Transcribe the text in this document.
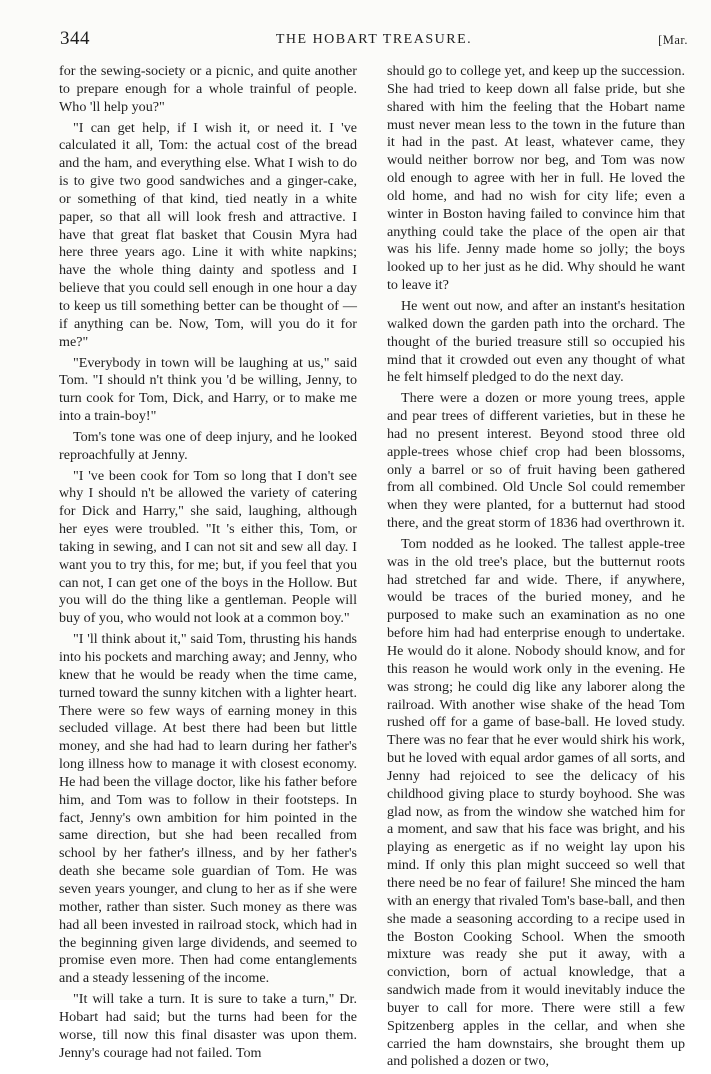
344	THE HOBART TREASURE.	[Mar.

for the sewing-society or a picnic, and quite another to prepare enough for a whole trainful of people. Who 'll help you?"

"I can get help, if I wish it, or need it. I 've calculated it all, Tom: the actual cost of the bread and the ham, and everything else. What I wish to do is to give two good sandwiches and a ginger-cake, or something of that kind, tied neatly in a white paper, so that all will look fresh and attractive. I have that great flat basket that Cousin Myra had here three years ago. Line it with white napkins; have the whole thing dainty and spotless and I believe that you could sell enough in one hour a day to keep us till something better can be thought of — if anything can be. Now, Tom, will you do it for me?"

"Everybody in town will be laughing at us," said Tom. "I should n't think you 'd be willing, Jenny, to turn cook for Tom, Dick, and Harry, or to make me into a train-boy!"

Tom's tone was one of deep injury, and he looked reproachfully at Jenny.

"I 've been cook for Tom so long that I don't see why I should n't be allowed the variety of catering for Dick and Harry," she said, laughing, although her eyes were troubled. "It 's either this, Tom, or taking in sewing, and I can not sit and sew all day. I want you to try this, for me; but, if you feel that you can not, I can get one of the boys in the Hollow. But you will do the thing like a gentleman. People will buy of you, who would not look at a common boy."

"I 'll think about it," said Tom, thrusting his hands into his pockets and marching away; and Jenny, who knew that he would be ready when the time came, turned toward the sunny kitchen with a lighter heart. There were so few ways of earning money in this secluded village. At best there had been but little money, and she had had to learn during her father's long illness how to manage it with closest economy. He had been the village doctor, like his father before him, and Tom was to follow in their footsteps. In fact, Jenny's own ambition for him pointed in the same direction, but she had been recalled from school by her father's illness, and by her father's death she became sole guardian of Tom. He was seven years younger, and clung to her as if she were mother, rather than sister. Such money as there was had all been invested in railroad stock, which had in the beginning given large dividends, and seemed to promise even more. Then had come entanglements and a steady lessening of the income.

"It will take a turn. It is sure to take a turn," Dr. Hobart had said; but the turns had been for the worse, till now this final disaster was upon them. Jenny's courage had not failed. Tom

should go to college yet, and keep up the succession. She had tried to keep down all false pride, but she shared with him the feeling that the Hobart name must never mean less to the town in the future than it had in the past. At least, whatever came, they would neither borrow nor beg, and Tom was now old enough to agree with her in full. He loved the old home, and had no wish for city life; even a winter in Boston having failed to convince him that anything could take the place of the open air that was his life. Jenny made home so jolly; the boys looked up to her just as he did. Why should he want to leave it?

He went out now, and after an instant's hesitation walked down the garden path into the orchard. The thought of the buried treasure still so occupied his mind that it crowded out even any thought of what he felt himself pledged to do the next day.

There were a dozen or more young trees, apple and pear trees of different varieties, but in these he had no present interest. Beyond stood three old apple-trees whose chief crop had been blossoms, only a barrel or so of fruit having been gathered from all combined. Old Uncle Sol could remember when they were planted, for a butternut had stood there, and the great storm of 1836 had overthrown it.

Tom nodded as he looked. The tallest apple-tree was in the old tree's place, but the butternut roots had stretched far and wide. There, if anywhere, would be traces of the buried money, and he purposed to make such an examination as no one before him had had enterprise enough to undertake. He would do it alone. Nobody should know, and for this reason he would work only in the evening. He was strong; he could dig like any laborer along the railroad. With another wise shake of the head Tom rushed off for a game of base-ball. He loved study. There was no fear that he ever would shirk his work, but he loved with equal ardor games of all sorts, and Jenny had rejoiced to see the delicacy of his childhood giving place to sturdy boyhood. She was glad now, as from the window she watched him for a moment, and saw that his face was bright, and his playing as energetic as if no weight lay upon his mind. If only this plan might succeed so well that there need be no fear of failure! She minced the ham with an energy that rivaled Tom's base-ball, and then she made a seasoning according to a recipe used in the Boston Cooking School. When the smooth mixture was ready she put it away, with a conviction, born of actual knowledge, that a sandwich made from it would inevitably induce the buyer to call for more. There were still a few Spitzenberg apples in the cellar, and when she carried the ham downstairs, she brought them up and polished a dozen or two,
